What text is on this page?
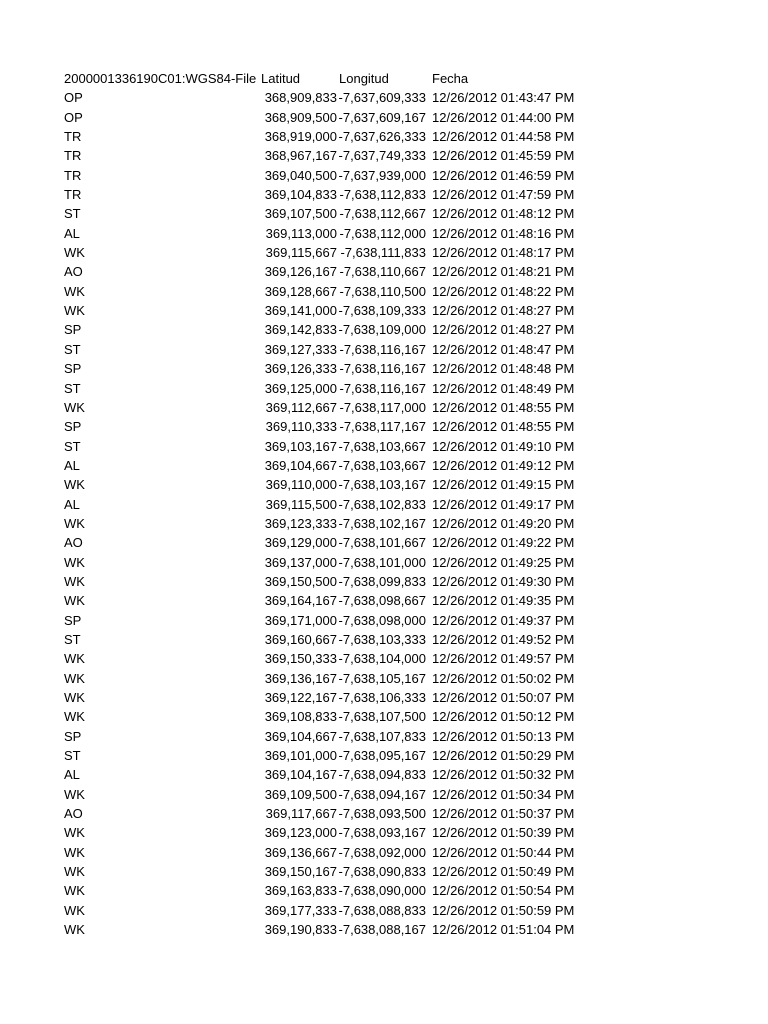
2000001336190C01:WGS84-File Latitud	Longitud	Fecha
OP	368,909,833 -7,637,609,333 12/26/2012 01:43:47 PM
OP	368,909,500 -7,637,609,167 12/26/2012 01:44:00 PM
TR	368,919,000 -7,637,626,333 12/26/2012 01:44:58 PM
TR	368,967,167 -7,637,749,333 12/26/2012 01:45:59 PM
TR	369,040,500 -7,637,939,000 12/26/2012 01:46:59 PM
TR	369,104,833 -7,638,112,833 12/26/2012 01:47:59 PM
ST	369,107,500 -7,638,112,667 12/26/2012 01:48:12 PM
AL	369,113,000 -7,638,112,000 12/26/2012 01:48:16 PM
WK	369,115,667 -7,638,111,833 12/26/2012 01:48:17 PM
AO	369,126,167 -7,638,110,667 12/26/2012 01:48:21 PM
WK	369,128,667 -7,638,110,500 12/26/2012 01:48:22 PM
WK	369,141,000 -7,638,109,333 12/26/2012 01:48:27 PM
SP	369,142,833 -7,638,109,000 12/26/2012 01:48:27 PM
ST	369,127,333 -7,638,116,167 12/26/2012 01:48:47 PM
SP	369,126,333 -7,638,116,167 12/26/2012 01:48:48 PM
ST	369,125,000 -7,638,116,167 12/26/2012 01:48:49 PM
WK	369,112,667 -7,638,117,000 12/26/2012 01:48:55 PM
SP	369,110,333 -7,638,117,167 12/26/2012 01:48:55 PM
ST	369,103,167 -7,638,103,667 12/26/2012 01:49:10 PM
AL	369,104,667 -7,638,103,667 12/26/2012 01:49:12 PM
WK	369,110,000 -7,638,103,167 12/26/2012 01:49:15 PM
AL	369,115,500 -7,638,102,833 12/26/2012 01:49:17 PM
WK	369,123,333 -7,638,102,167 12/26/2012 01:49:20 PM
AO	369,129,000 -7,638,101,667 12/26/2012 01:49:22 PM
WK	369,137,000 -7,638,101,000 12/26/2012 01:49:25 PM
WK	369,150,500 -7,638,099,833 12/26/2012 01:49:30 PM
WK	369,164,167 -7,638,098,667 12/26/2012 01:49:35 PM
SP	369,171,000 -7,638,098,000 12/26/2012 01:49:37 PM
ST	369,160,667 -7,638,103,333 12/26/2012 01:49:52 PM
WK	369,150,333 -7,638,104,000 12/26/2012 01:49:57 PM
WK	369,136,167 -7,638,105,167 12/26/2012 01:50:02 PM
WK	369,122,167 -7,638,106,333 12/26/2012 01:50:07 PM
WK	369,108,833 -7,638,107,500 12/26/2012 01:50:12 PM
SP	369,104,667 -7,638,107,833 12/26/2012 01:50:13 PM
ST	369,101,000 -7,638,095,167 12/26/2012 01:50:29 PM
AL	369,104,167 -7,638,094,833 12/26/2012 01:50:32 PM
WK	369,109,500 -7,638,094,167 12/26/2012 01:50:34 PM
AO	369,117,667 -7,638,093,500 12/26/2012 01:50:37 PM
WK	369,123,000 -7,638,093,167 12/26/2012 01:50:39 PM
WK	369,136,667 -7,638,092,000 12/26/2012 01:50:44 PM
WK	369,150,167 -7,638,090,833 12/26/2012 01:50:49 PM
WK	369,163,833 -7,638,090,000 12/26/2012 01:50:54 PM
WK	369,177,333 -7,638,088,833 12/26/2012 01:50:59 PM
WK	369,190,833 -7,638,088,167 12/26/2012 01:51:04 PM
